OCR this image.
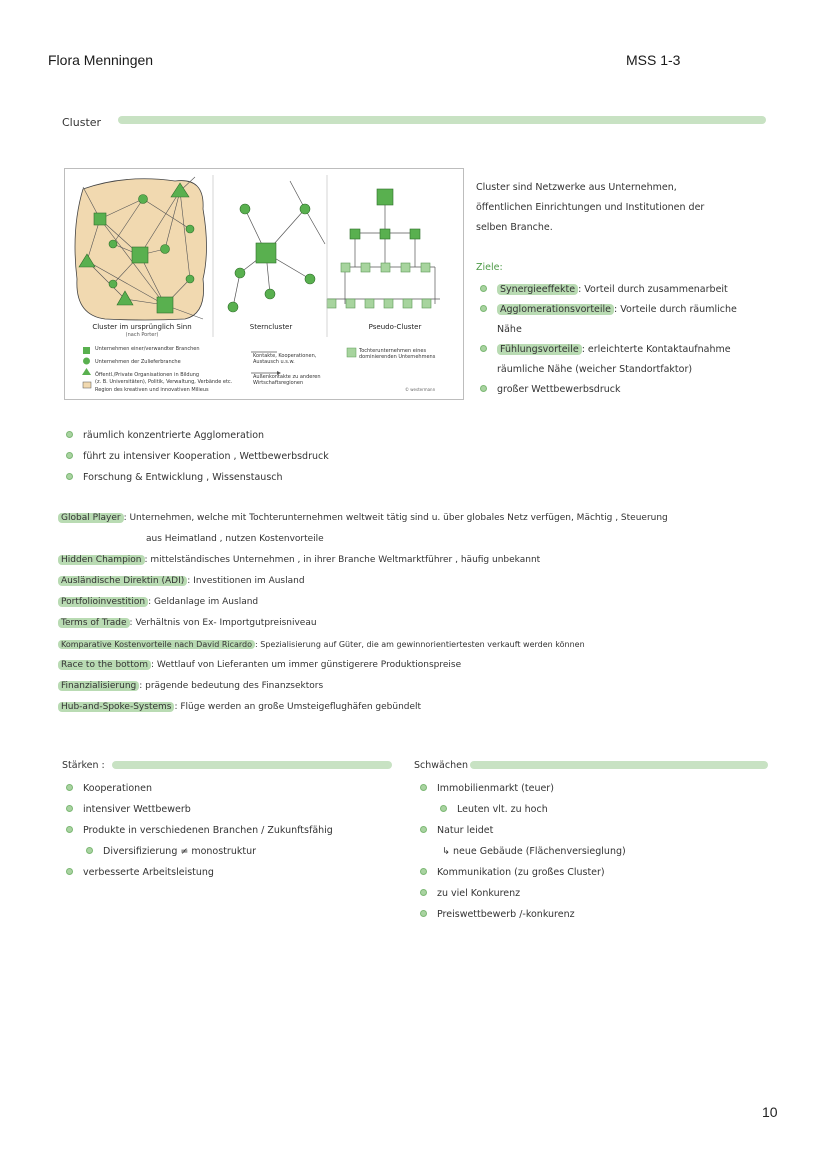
Flora Menningen	MSS 1-3
Cluster
Cluster im ursprünglich Sinn
(nach Porter)
Sterncluster	Pseudo-Cluster
Unternehmen einer/verwandter Branchen
Unternehmen der Zulieferbranche
Öffentl./Private Organisationen in Bildung
(z. B. Universitäten), Politik, Verwaltung, Verbände etc.
Region des kreativen und innovativen Milieus
Kontakte, Kooperationen,
Austausch u.s.w.
Außenkontakte zu anderen
Wirtschaftsregionen
Tochterunternehmen eines
dominierenden Unternehmens
© westermann
Cluster sind Netzwerke aus Unternehmen,
öffentlichen Einrichtungen und Institutionen der
selben Branche.
Ziele:
Synergieeffekte : Vorteil durch zusammenarbeit
Agglomerationsvorteile : Vorteile durch räumliche
Nähe
Fühlungsvorteile : erleichterte Kontaktaufnahme
räumliche Nähe (weicher Standortfaktor)
großer Wettbewerbsdruck
räumlich konzentrierte Agglomeration
führt zu intensiver Kooperation , Wettbewerbsdruck
Forschung & Entwicklung , Wissenstausch
Global Player : Unternehmen, welche mit Tochterunternehmen weltweit tätig sind u. über globales Netz verfügen, Mächtig , Steuerung
aus Heimatland , nutzen Kostenvorteile
Hidden Champion : mittelständisches Unternehmen , in ihrer Branche Weltmarktführer , häufig unbekannt
Ausländische Direktin (ADI) : Investitionen im Ausland
Portfolioinvestition : Geldanlage im Ausland
Terms of Trade : Verhältnis von Ex- Importgutpreisniveau
Komparative Kostenvorteile nach David Ricardo : Spezialisierung auf Güter, die am gewinnorientiertesten verkauft werden können
Race to the bottom : Wettlauf von Lieferanten um immer günstigerere Produktionspreise
Finanzialisierung : prägende bedeutung des Finanzsektors
Hub-and-Spoke-Systems : Flüge werden an große Umsteigeflughäfen gebündelt
Stärken :
Kooperationen
intensiver Wettbewerb
Produkte in verschiedenen Branchen / Zukunftsfähig
Diversifizierung ≠ monostruktur
verbesserte Arbeitsleistung
Schwächen
Immobilienmarkt (teuer)
Leuten vlt. zu hoch
Natur leidet
↳ neue Gebäude (Flächenversieglung)
Kommunikation (zu großes Cluster)
zu viel Konkurenz
Preiswettbewerb /-konkurenz
10
